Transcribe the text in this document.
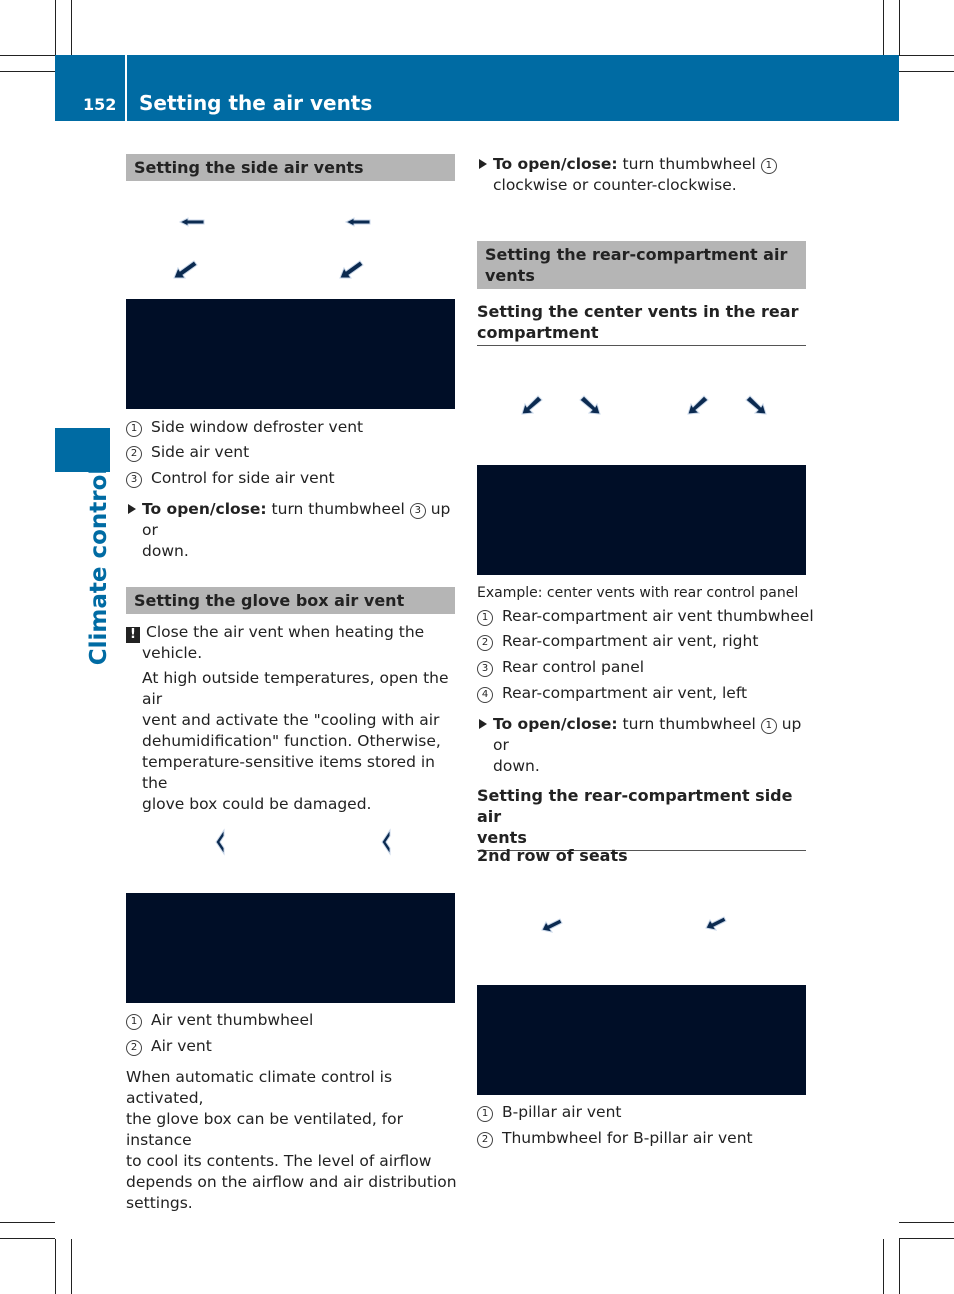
152 Setting the air vents
Climate control
Setting the side air vents
1 Side window defroster vent
2 Side air vent
3 Control for side air vent
To open/close: turn thumbwheel 3 up or
down.
Setting the glove box air vent
! Close the air vent when heating the
vehicle.
At high outside temperatures, open the air
vent and activate the "cooling with air
dehumidification" function. Otherwise,
temperature-sensitive items stored in the
glove box could be damaged.
1 Air vent thumbwheel
2 Air vent
When automatic climate control is activated,
the glove box can be ventilated, for instance
to cool its contents. The level of airflow
depends on the airflow and air distribution
settings.
To open/close: turn thumbwheel 1
clockwise or counter-clockwise.
Setting the rear-compartment air
vents
Setting the center vents in the rear
compartment
Example: center vents with rear control panel
1 Rear-compartment air vent thumbwheel
2 Rear-compartment air vent, right
3 Rear control panel
4 Rear-compartment air vent, left
To open/close: turn thumbwheel 1 up or
down.
Setting the rear-compartment side air
vents
2nd row of seats
1 B-pillar air vent
2 Thumbwheel for B-pillar air vent
